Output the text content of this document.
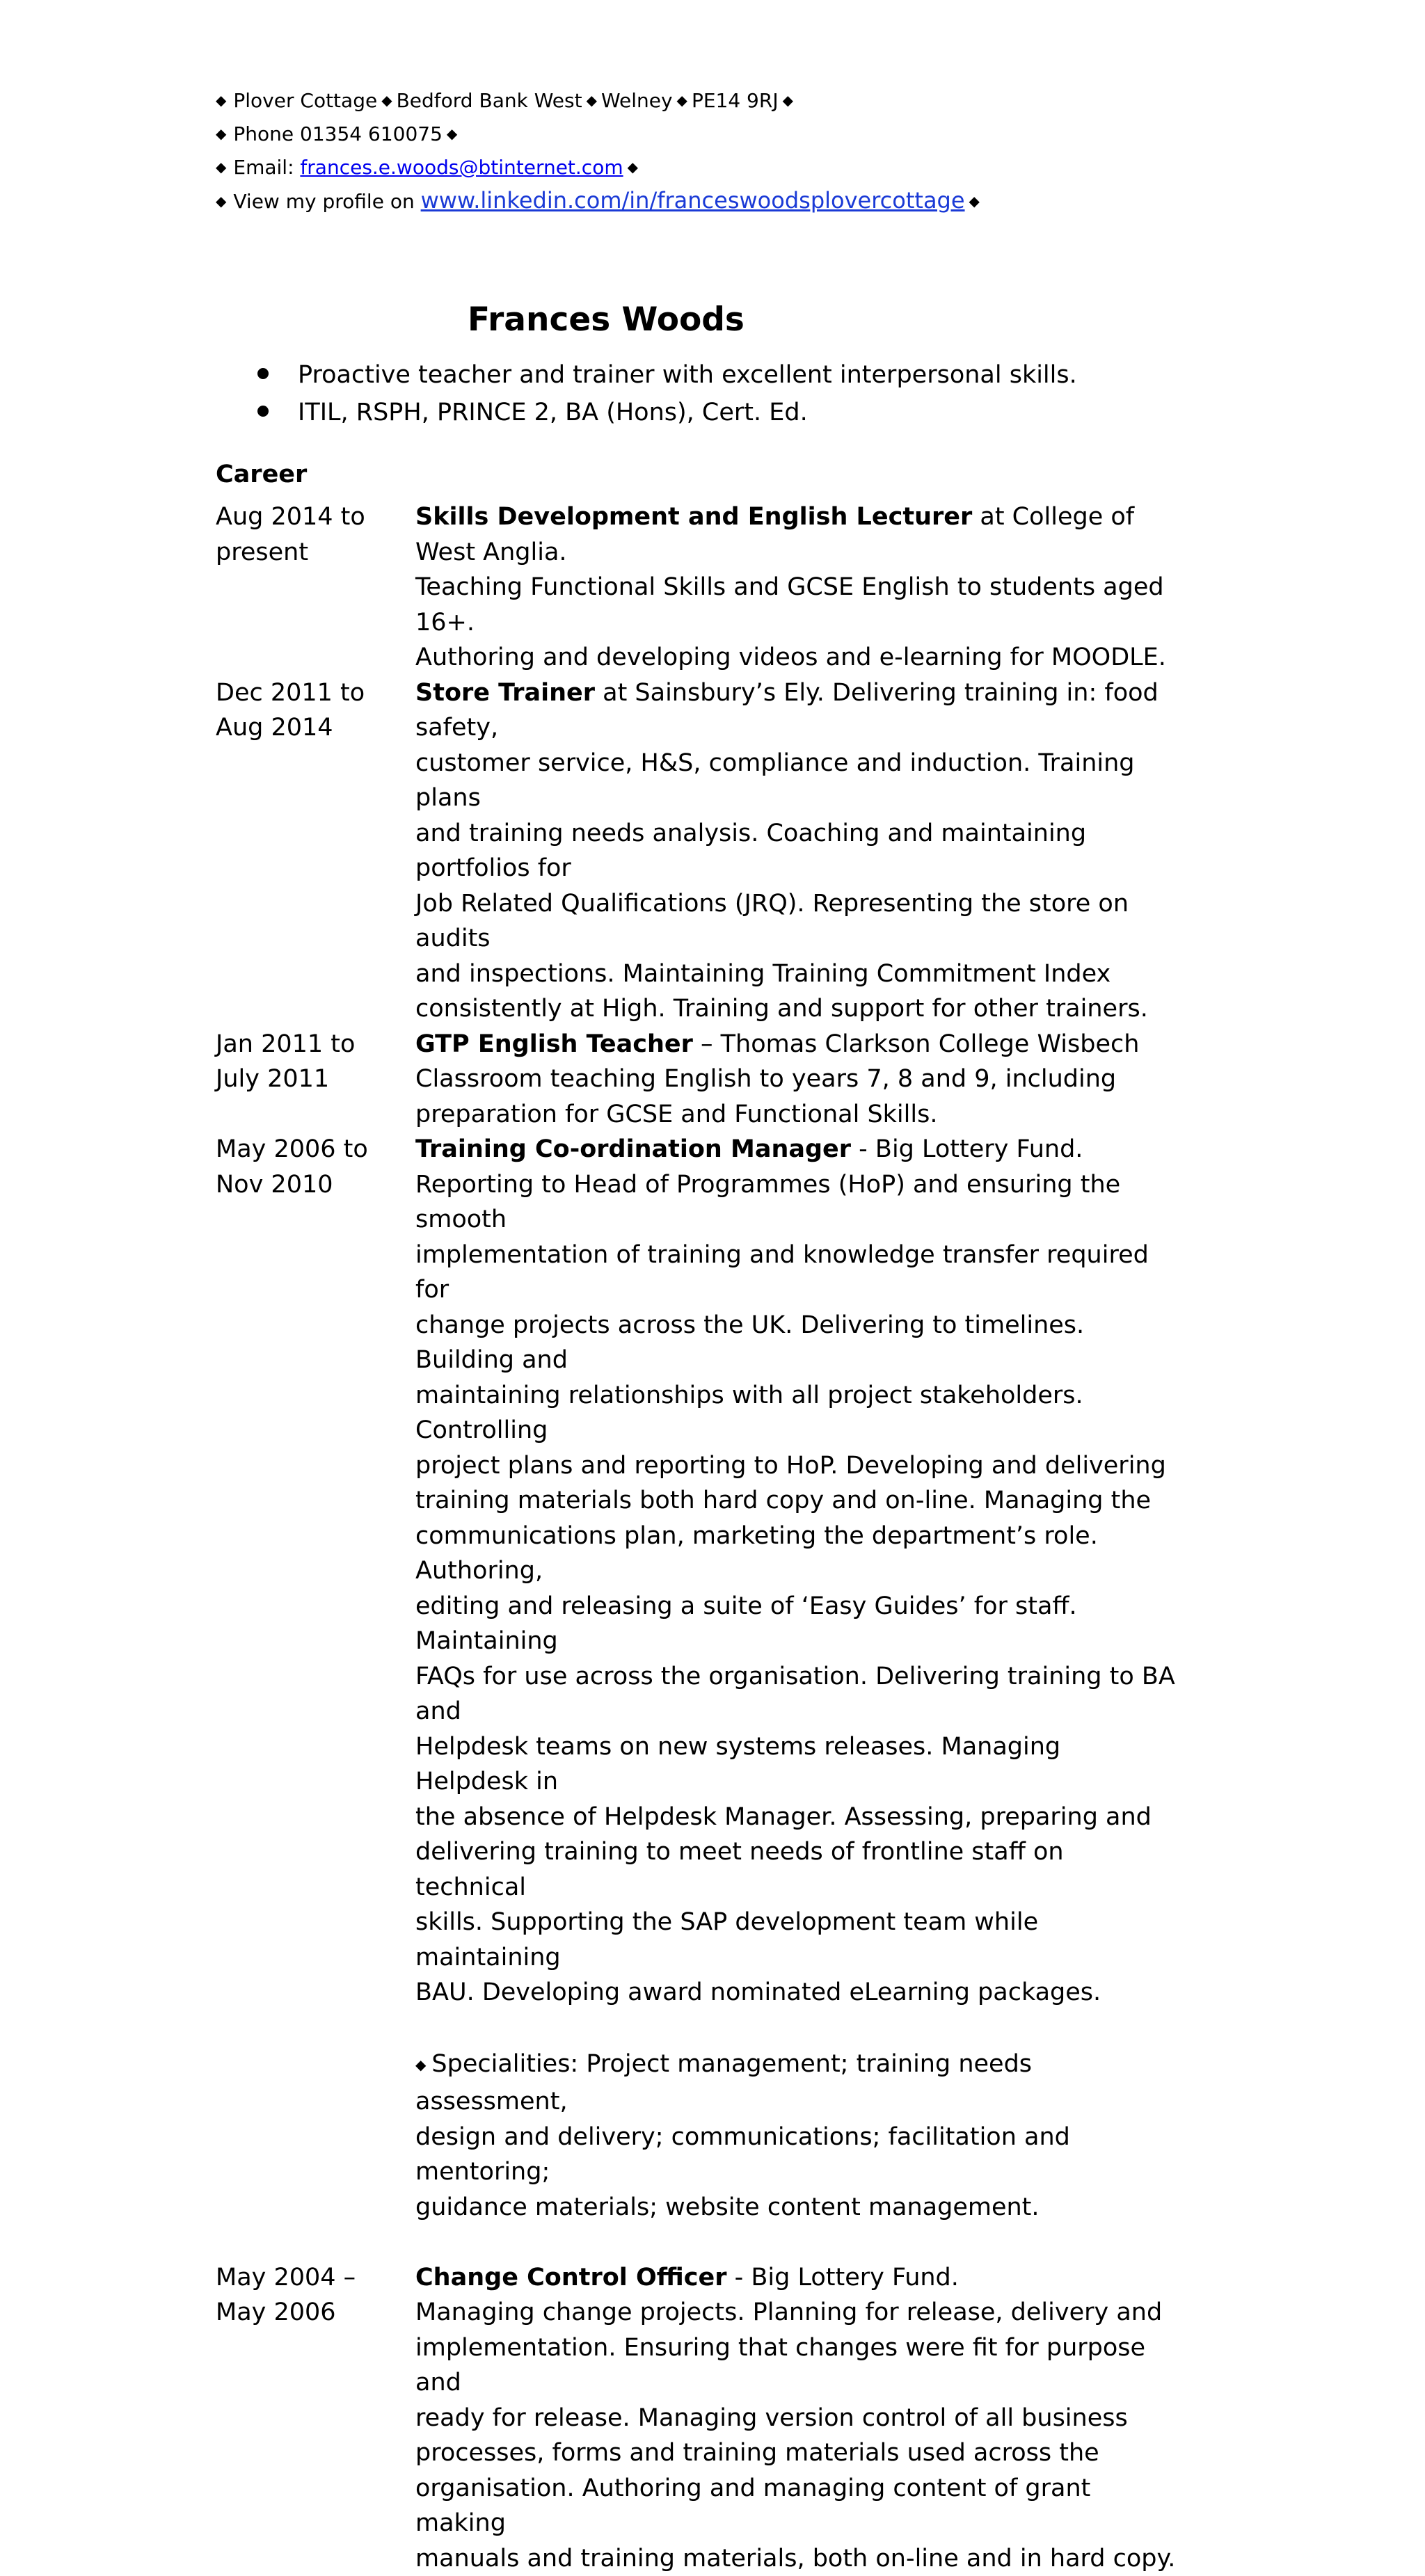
◆ Plover Cottage ◆ Bedford Bank West ◆ Welney ◆ PE14 9RJ ◆
◆ Phone 01354 610075 ◆
◆ Email: frances.e.woods@btinternet.com ◆
◆ View my profile on www.linkedin.com/in/franceswoodsplovercottage ◆
Frances Woods
Proactive teacher and trainer with excellent interpersonal skills.
ITIL, RSPH, PRINCE 2, BA (Hons), Cert. Ed.
Career
Aug 2014 to
present
Skills Development and English Lecturer at College of West Anglia.
Teaching Functional Skills and GCSE English to students aged 16+.
Authoring and developing videos and e-learning for MOODLE.
Dec 2011 to
Aug 2014
Store Trainer at Sainsbury’s Ely. Delivering training in: food safety,
customer service, H&S, compliance and induction. Training plans
and training needs analysis. Coaching and maintaining portfolios for
Job Related Qualifications (JRQ). Representing the store on audits
and inspections. Maintaining Training Commitment Index
consistently at High. Training and support for other trainers.
Jan 2011 to
July 2011
GTP English Teacher – Thomas Clarkson College Wisbech
Classroom teaching English to years 7, 8 and 9, including
preparation for GCSE and Functional Skills.
May 2006 to
Nov 2010
Training Co-ordination Manager - Big Lottery Fund.
Reporting to Head of Programmes (HoP) and ensuring the smooth
implementation of training and knowledge transfer required for
change projects across the UK. Delivering to timelines. Building and
maintaining relationships with all project stakeholders. Controlling
project plans and reporting to HoP. Developing and delivering
training materials both hard copy and on-line. Managing the
communications plan, marketing the department’s role. Authoring,
editing and releasing a suite of ‘Easy Guides’ for staff. Maintaining
FAQs for use across the organisation. Delivering training to BA and
Helpdesk teams on new systems releases. Managing Helpdesk in
the absence of Helpdesk Manager. Assessing, preparing and
delivering training to meet needs of frontline staff on technical
skills. Supporting the SAP development team while maintaining
BAU. Developing award nominated eLearning packages.

◆ Specialities: Project management; training needs assessment,
design and delivery; communications; facilitation and mentoring;
guidance materials; website content management.

May 2004 –
May 2006
Change Control Officer - Big Lottery Fund.
Managing change projects. Planning for release, delivery and
implementation. Ensuring that changes were fit for purpose and
ready for release. Managing version control of all business
processes, forms and training materials used across the
organisation. Authoring and managing content of grant making
manuals and training materials, both on-line and in hard copy.
